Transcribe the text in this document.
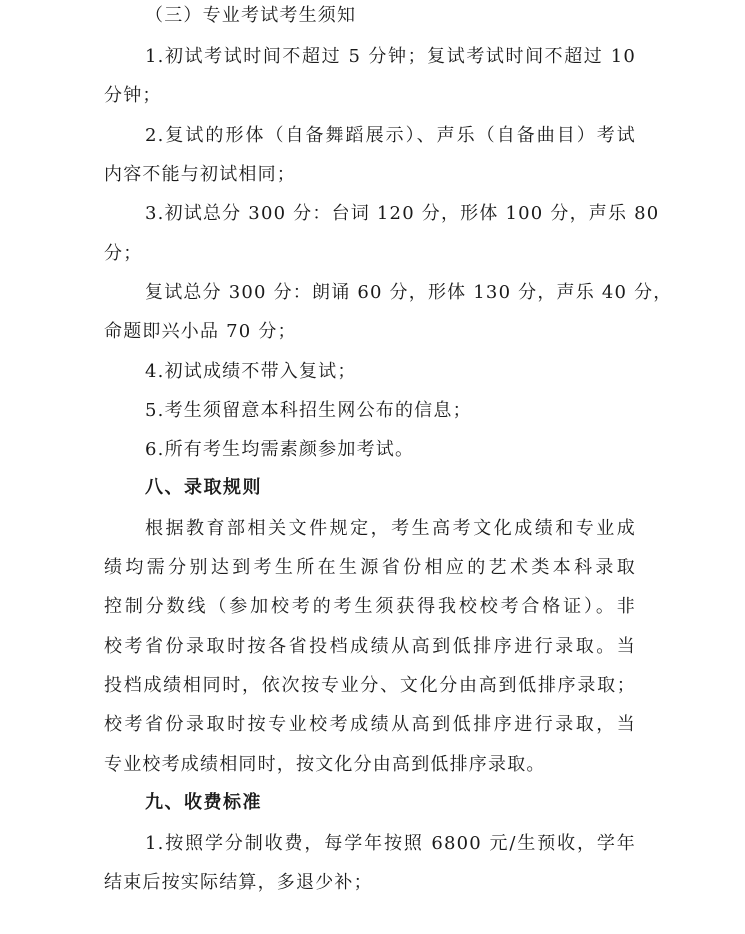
（三）专业考试考生须知
1.初试考试时间不超过 5 分钟；复试考试时间不超过 10
分钟；
2.复试的形体（自备舞蹈展示）、声乐（自备曲目）考试
内容不能与初试相同；
3.初试总分 300 分：台词 120 分，形体 100 分，声乐 80
分；
复试总分 300 分：朗诵 60 分，形体 130 分，声乐 40 分，
命题即兴小品 70 分；
4.初试成绩不带入复试；
5.考生须留意本科招生网公布的信息；
6.所有考生均需素颜参加考试。
八、录取规则
根据教育部相关文件规定，考生高考文化成绩和专业成
绩均需分别达到考生所在生源省份相应的艺术类本科录取
控制分数线（参加校考的考生须获得我校校考合格证）。非
校考省份录取时按各省投档成绩从高到低排序进行录取。当
投档成绩相同时，依次按专业分、文化分由高到低排序录取；
校考省份录取时按专业校考成绩从高到低排序进行录取，当
专业校考成绩相同时，按文化分由高到低排序录取。
九、收费标准
1.按照学分制收费，每学年按照 6800 元/生预收，学年
结束后按实际结算，多退少补；
